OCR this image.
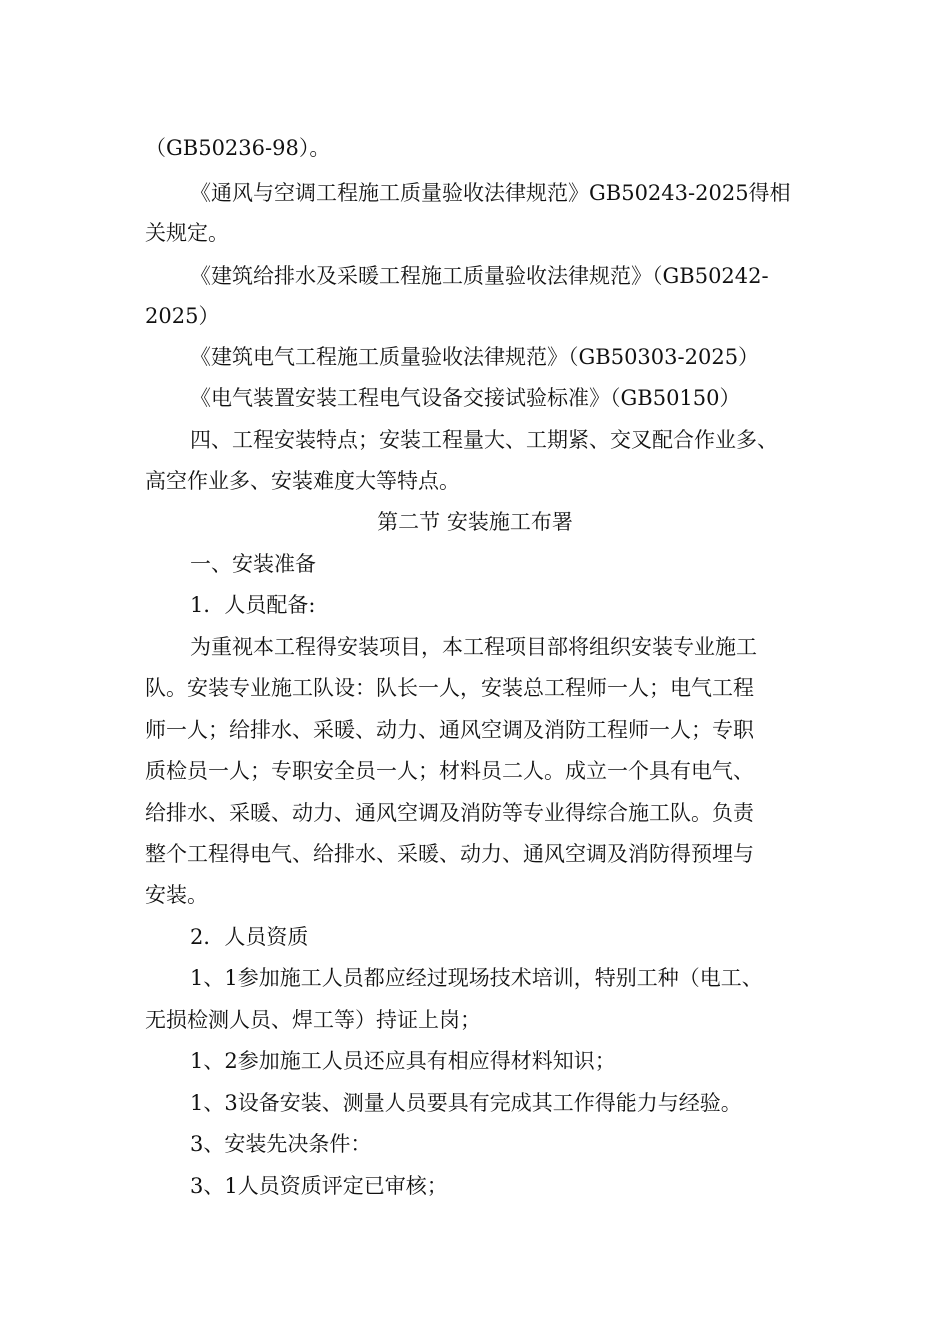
（GB50236-98）。
《通风与空调工程施工质量验收法律规范》GB50243-2025得相
关规定。
《建筑给排水及采暖工程施工质量验收法律规范》（GB50242-
2025）
《建筑电气工程施工质量验收法律规范》（GB50303-2025）
《电气装置安装工程电气设备交接试验标准》（GB50150）
四、工程安装特点；安装工程量大、工期紧、交叉配合作业多、
高空作业多、安装难度大等特点。
第二节 安装施工布署
一、安装准备
1．人员配备:
为重视本工程得安装项目，本工程项目部将组织安装专业施工
队。安装专业施工队设：队长一人，安装总工程师一人；电气工程
师一人；给排水、采暖、动力、通风空调及消防工程师一人；专职
质检员一人；专职安全员一人；材料员二人。成立一个具有电气、
给排水、采暖、动力、通风空调及消防等专业得综合施工队。负责
整个工程得电气、给排水、采暖、动力、通风空调及消防得预埋与
安装。
2．人员资质
1、1参加施工人员都应经过现场技术培训，特别工种（电工、
无损检测人员、焊工等）持证上岗；
1、2参加施工人员还应具有相应得材料知识；
1、3设备安装、测量人员要具有完成其工作得能力与经验。
3、安装先决条件：
3、1人员资质评定已审核；
